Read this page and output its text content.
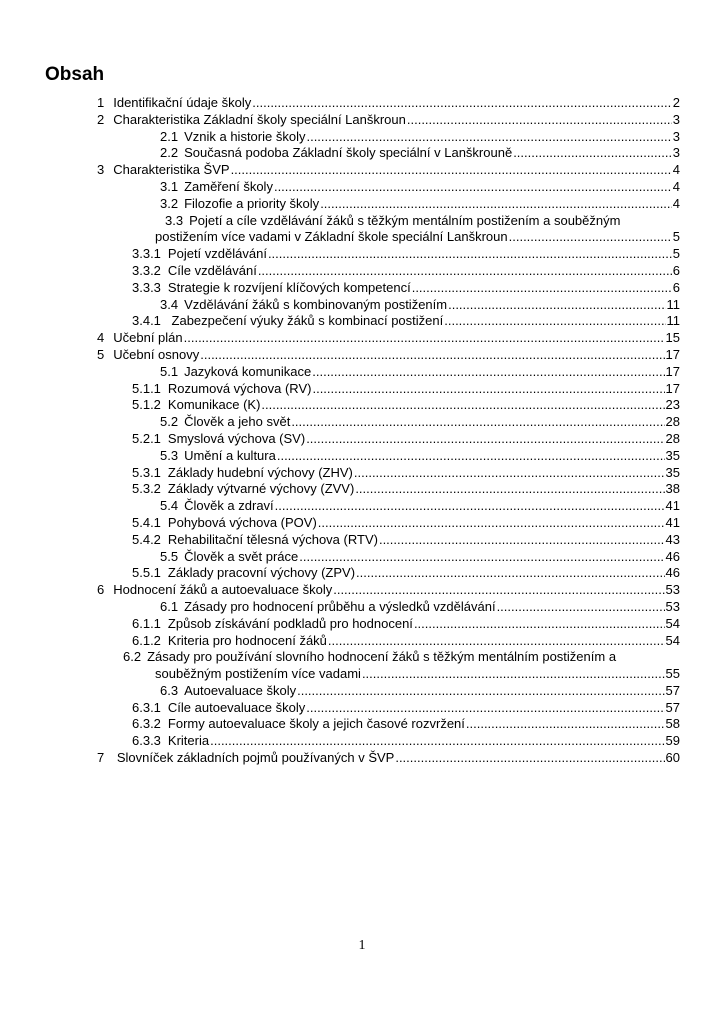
Obsah
1 Identifikační údaje školy .....	2
2 Charakteristika Základní školy speciální Lanškroun .....	3
2.1 Vznik a historie školy .....	3
2.2 Současná podoba Základní školy speciální v Lanškrouně .....	3
3 Charakteristika ŠVP .....	4
3.1 Zaměření školy .....	4
3.2 Filozofie a priority školy .....	4
3.3 Pojetí a cíle vzdělávání žáků s těžkým mentálním postižením a souběžným
postižením více vadami v Základní škole speciální Lanškroun .....	5
3.3.1 Pojetí vzdělávání .....	5
3.3.2 Cíle vzdělávání .....	6
3.3.3 Strategie k rozvíjení klíčových kompetencí .....	6
3.4 Vzdělávání žáků s kombinovaným postižením .....	11
3.4.1 Zabezpečení výuky žáků s kombinací postižení .....	11
4 Učební plán .....	15
5 Učební osnovy .....	17
5.1 Jazyková komunikace .....	17
5.1.1 Rozumová výchova (RV) .....	17
5.1.2 Komunikace (K) .....	23
5.2 Člověk a jeho svět .....	28
5.2.1 Smyslová výchova (SV) .....	28
5.3 Umění a kultura .....	35
5.3.1 Základy hudební výchovy (ZHV) .....	35
5.3.2 Základy výtvarné výchovy (ZVV) .....	38
5.4 Člověk a zdraví .....	41
5.4.1 Pohybová výchova (POV) .....	41
5.4.2 Rehabilitační tělesná výchova (RTV) .....	43
5.5 Člověk a svět práce .....	46
5.5.1 Základy pracovní výchovy (ZPV) .....	46
6 Hodnocení žáků a autoevaluace školy .....	53
6.1 Zásady pro hodnocení průběhu a výsledků vzdělávání .....	53
6.1.1 Způsob získávání podkladů pro hodnocení .....	54
6.1.2 Kriteria pro hodnocení žáků .....	54
6.2 Zásady pro používání slovního hodnocení žáků s těžkým mentálním postižením a
souběžným postižením více vadami .....	55
6.3 Autoevaluace školy .....	57
6.3.1 Cíle autoevaluace školy .....	57
6.3.2 Formy autoevaluace školy a jejich časové rozvržení .....	58
6.3.3 Kriteria .....	59
7 Slovníček základních pojmů používaných v ŠVP .....	60
1
